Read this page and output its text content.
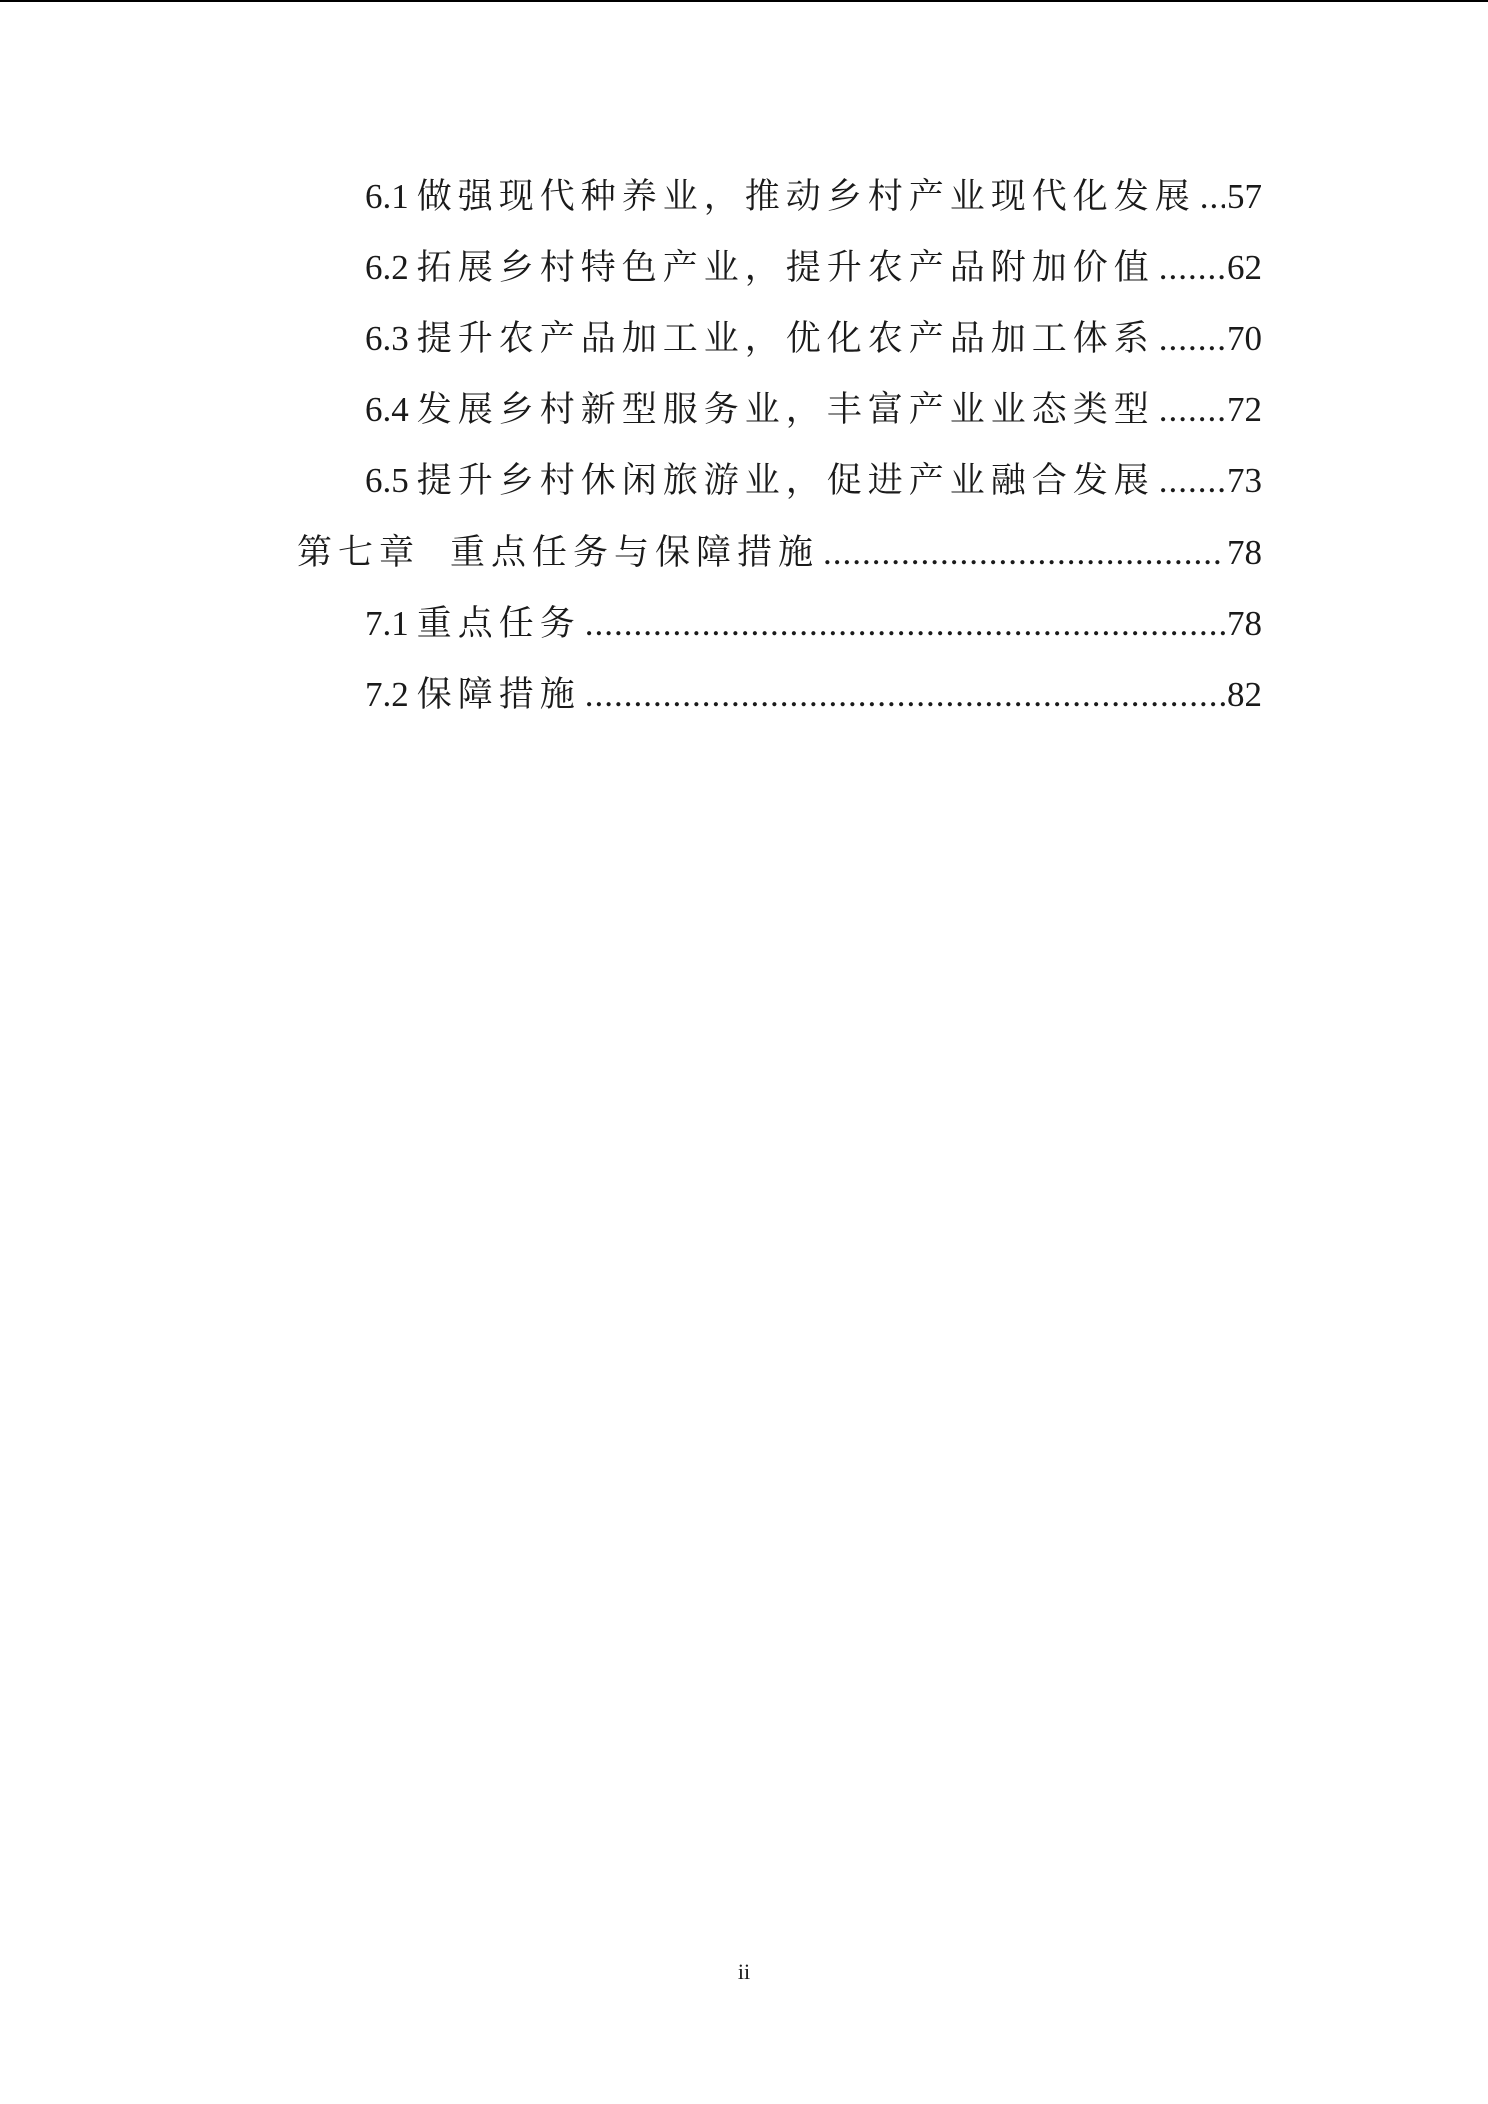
6.1 做强现代种养业，推动乡村产业现代化发展 ..... 57
6.2 拓展乡村特色产业，提升农产品附加价值 ..... 62
6.3 提升农产品加工业，优化农产品加工体系 ..... 70
6.4 发展乡村新型服务业，丰富产业业态类型 ..... 72
6.5 提升乡村休闲旅游业，促进产业融合发展 ..... 73
第七章 重点任务与保障措施 .....	78
7.1 重点任务 .....	78
7.2 保障措施 .....	82
ii
